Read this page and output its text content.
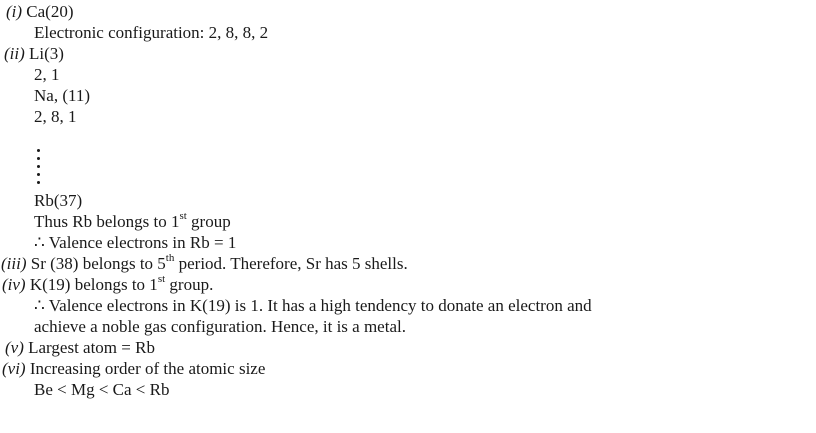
(i) Ca(20)
Electronic configuration: 2, 8, 8, 2
(ii) Li(3)
2, 1
Na, (11)
2, 8, 1
Rb(37)
Thus Rb belongs to 1st group
∴ Valence electrons in Rb = 1
(iii) Sr (38) belongs to 5th period. Therefore, Sr has 5 shells.
(iv) K(19) belongs to 1st group.
∴ Valence electrons in K(19) is 1. It has a high tendency to donate an electron and
achieve a noble gas configuration. Hence, it is a metal.
(v) Largest atom = Rb
(vi) Increasing order of the atomic size
Be < Mg < Ca < Rb
